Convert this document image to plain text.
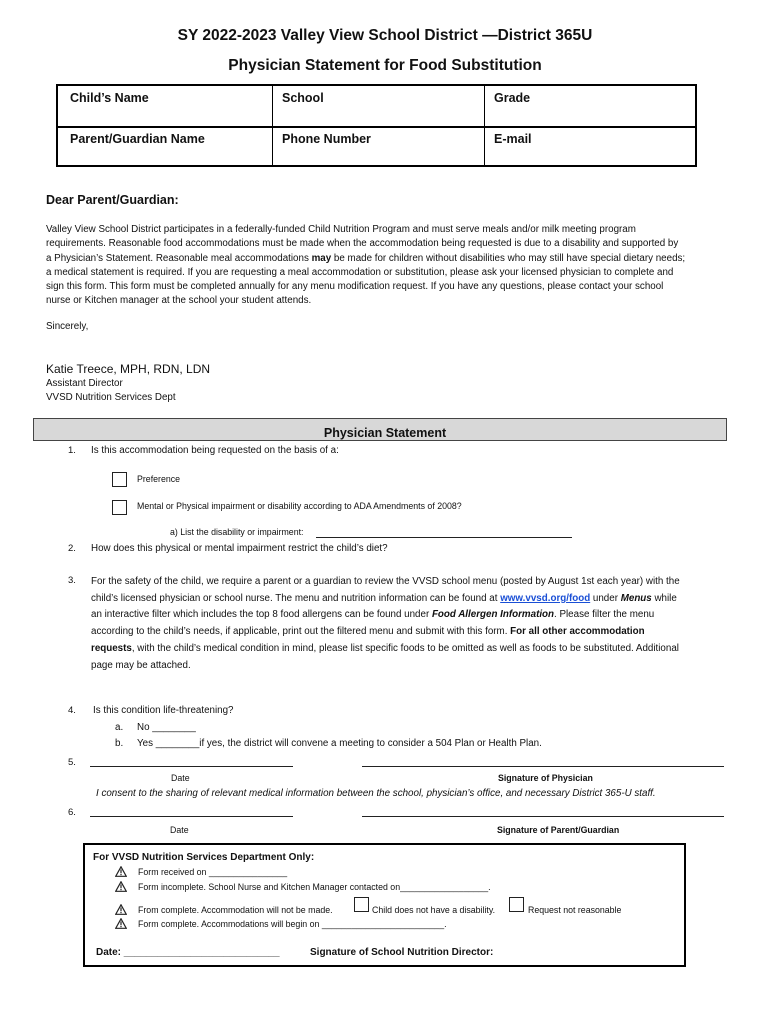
SY 2022-2023 Valley View School District —District 365U
Physician Statement for Food Substitution
Child’s Name	School	Grade
Parent/Guardian Name	Phone Number	E-mail
Dear Parent/Guardian:
Valley View School District participates in a federally-funded Child Nutrition Program and must serve meals and/or milk meeting program
requirements. Reasonable food accommodations must be made when the accommodation being requested is due to a disability and supported by
a Physician’s Statement. Reasonable meal accommodations may be made for children without disabilities who may still have special dietary needs;
a medical statement is required. If you are requesting a meal accommodation or substitution, please ask your licensed physician to complete and
sign this form. This form must be completed annually for any menu modification request. If you have any questions, please contact your school
nurse or Kitchen manager at the school your student attends.
Sincerely,
Katie Treece, MPH, RDN, LDN
Assistant Director
VVSD Nutrition Services Dept
Physician Statement
1. Is this accommodation being requested on the basis of a:
Preference
Mental or Physical impairment or disability according to ADA Amendments of 2008?
a) List the disability or impairment:
2. How does this physical or mental impairment restrict the child’s diet?
3. For the safety of the child, we require a parent or a guardian to review the VVSD school menu (posted by August 1st each year) with the
child’s licensed physician or school nurse. The menu and nutrition information can be found at www.vvsd.org/food under Menus while
an interactive filter which includes the top 8 food allergens can be found under Food Allergen Information. Please filter the menu
according to the child’s needs, if applicable, print out the filtered menu and submit with this form. For all other accommodation
requests, with the child’s medical condition in mind, please list specific foods to be omitted as well as foods to be substituted. Additional
page may be attached.
4. Is this condition life-threatening?
a. No ________
b. Yes ________if yes, the district will convene a meeting to consider a 504 Plan or Health Plan.
5.
Date	Signature of Physician
I consent to the sharing of relevant medical information between the school, physician’s office, and necessary District 365-U staff.
6.
Date	Signature of Parent/Guardian
For VVSD Nutrition Services Department Only:
Form received on ________________
Form incomplete. School Nurse and Kitchen Manager contacted on__________________.
From complete. Accommodation will not be made.	Child does not have a disability.	Request not reasonable
Form complete. Accommodations will begin on _________________________.
Date: ____________________________	Signature of School Nutrition Director:
